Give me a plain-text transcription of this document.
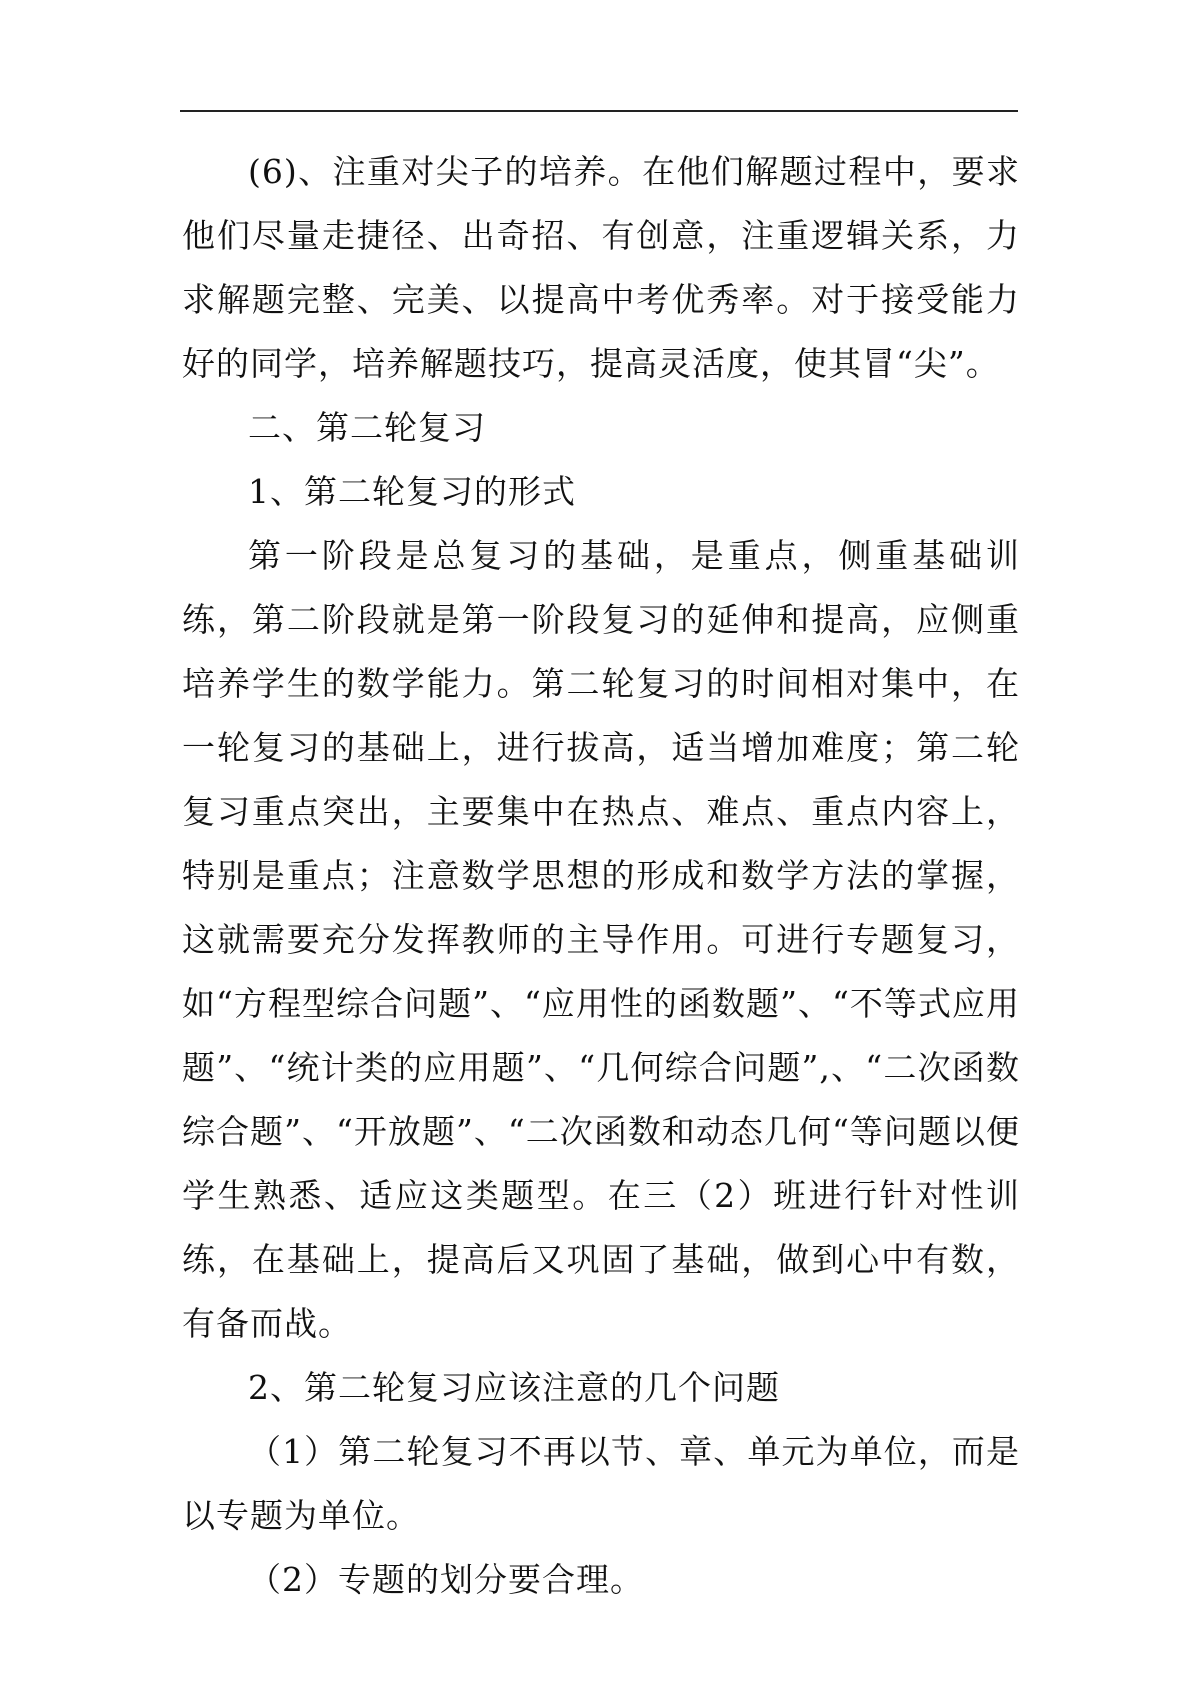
(6)、注重对尖子的培养。在他们解题过程中，要求他们尽量走捷径、出奇招、有创意，注重逻辑关系，力求解题完整、完美、以提高中考优秀率。对于接受能力好的同学，培养解题技巧，提高灵活度，使其冒“尖”。

二、第二轮复习

1、第二轮复习的形式

第一阶段是总复习的基础，是重点，侧重基础训练，第二阶段就是第一阶段复习的延伸和提高，应侧重培养学生的数学能力。第二轮复习的时间相对集中，在一轮复习的基础上，进行拔高，适当增加难度；第二轮复习重点突出，主要集中在热点、难点、重点内容上，特别是重点；注意数学思想的形成和数学方法的掌握，这就需要充分发挥教师的主导作用。可进行专题复习，如“方程型综合问题”、“应用性的函数题”、“不等式应用题”、“统计类的应用题”、“几何综合问题”,、“二次函数综合题”、“开放题”、“二次函数和动态几何“等问题以便学生熟悉、适应这类题型。在三（2）班进行针对性训练，在基础上，提高后又巩固了基础，做到心中有数，有备而战。

2、第二轮复习应该注意的几个问题

（1）第二轮复习不再以节、章、单元为单位，而是以专题为单位。

（2）专题的划分要合理。
